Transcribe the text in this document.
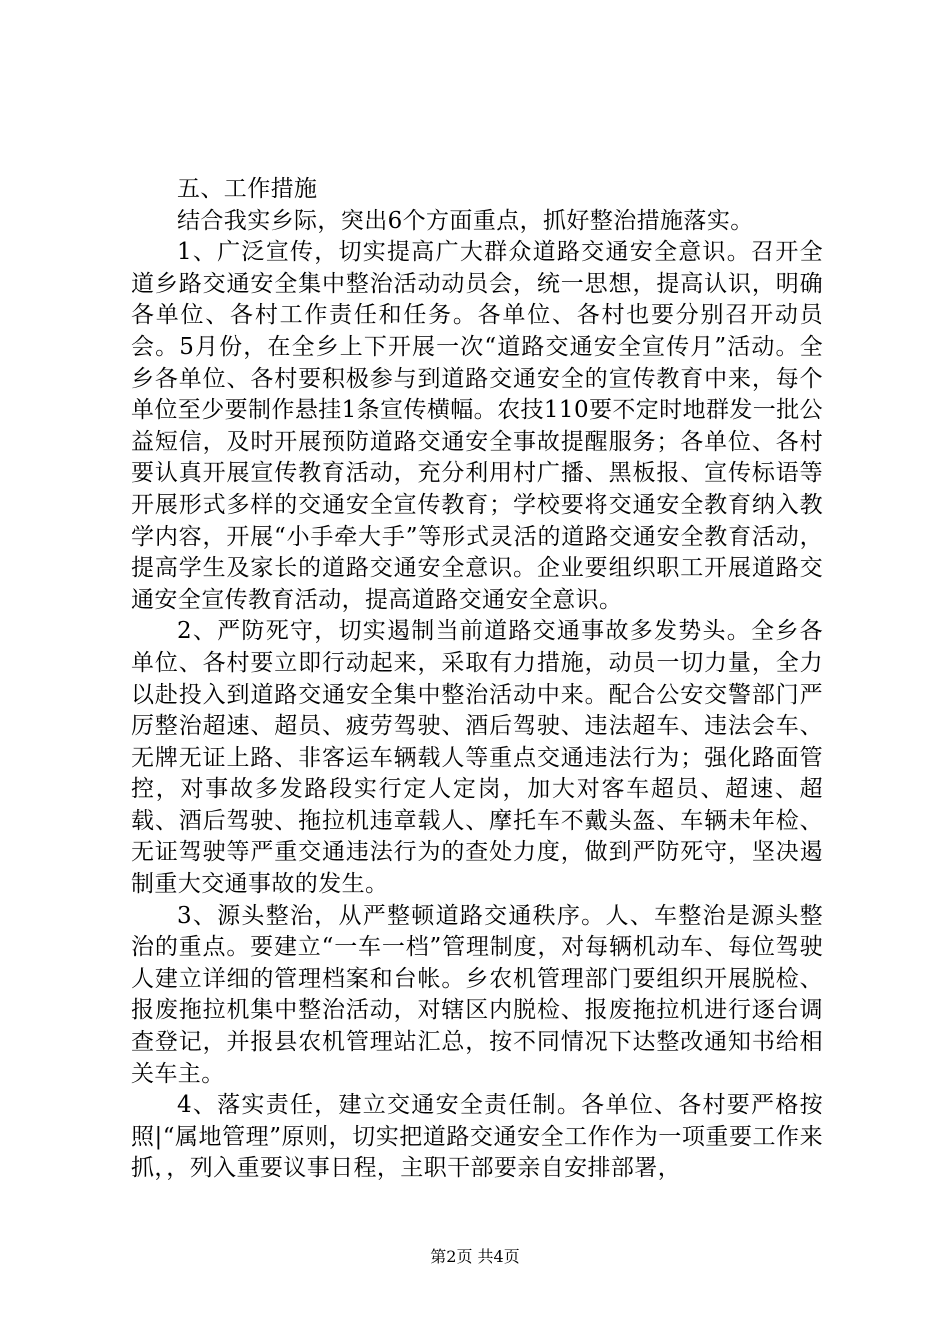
五、工作措施

结合我实乡际，突出6个方面重点，抓好整治措施落实。

1、广泛宣传，切实提高广大群众道路交通安全意识。召开全道乡路交通安全集中整治活动动员会，统一思想，提高认识，明确各单位、各村工作责任和任务。各单位、各村也要分别召开动员会。5月份，在全乡上下开展一次“道路交通安全宣传月”活动。全乡各单位、各村要积极参与到道路交通安全的宣传教育中来，每个单位至少要制作悬挂1条宣传横幅。农技110要不定时地群发一批公益短信，及时开展预防道路交通安全事故提醒服务；各单位、各村要认真开展宣传教育活动，充分利用村广播、黑板报、宣传标语等开展形式多样的交通安全宣传教育；学校要将交通安全教育纳入教学内容，开展“小手牵大手”等形式灵活的道路交通安全教育活动，提高学生及家长的道路交通安全意识。企业要组织职工开展道路交通安全宣传教育活动，提高道路交通安全意识。

2、严防死守，切实遏制当前道路交通事故多发势头。全乡各单位、各村要立即行动起来，采取有力措施，动员一切力量，全力以赴投入到道路交通安全集中整治活动中来。配合公安交警部门严厉整治超速、超员、疲劳驾驶、酒后驾驶、违法超车、违法会车、无牌无证上路、非客运车辆载人等重点交通违法行为；强化路面管控，对事故多发路段实行定人定岗，加大对客车超员、超速、超载、酒后驾驶、拖拉机违章载人、摩托车不戴头盔、车辆未年检、无证驾驶等严重交通违法行为的查处力度，做到严防死守，坚决遏制重大交通事故的发生。

3、源头整治，从严整顿道路交通秩序。人、车整治是源头整治的重点。要建立“一车一档”管理制度，对每辆机动车、每位驾驶人建立详细的管理档案和台帐。乡农机管理部门要组织开展脱检、报废拖拉机集中整治活动，对辖区内脱检、报废拖拉机进行逐台调查登记，并报县农机管理站汇总，按不同情况下达整改通知书给相关车主。

4、落实责任，建立交通安全责任制。各单位、各村要严格按照|“属地管理”原则，切实把道路交通安全工作作为一项重要工作来抓，，列入重要议事日程，主职干部要亲自安排部署，

第2页 共4页
